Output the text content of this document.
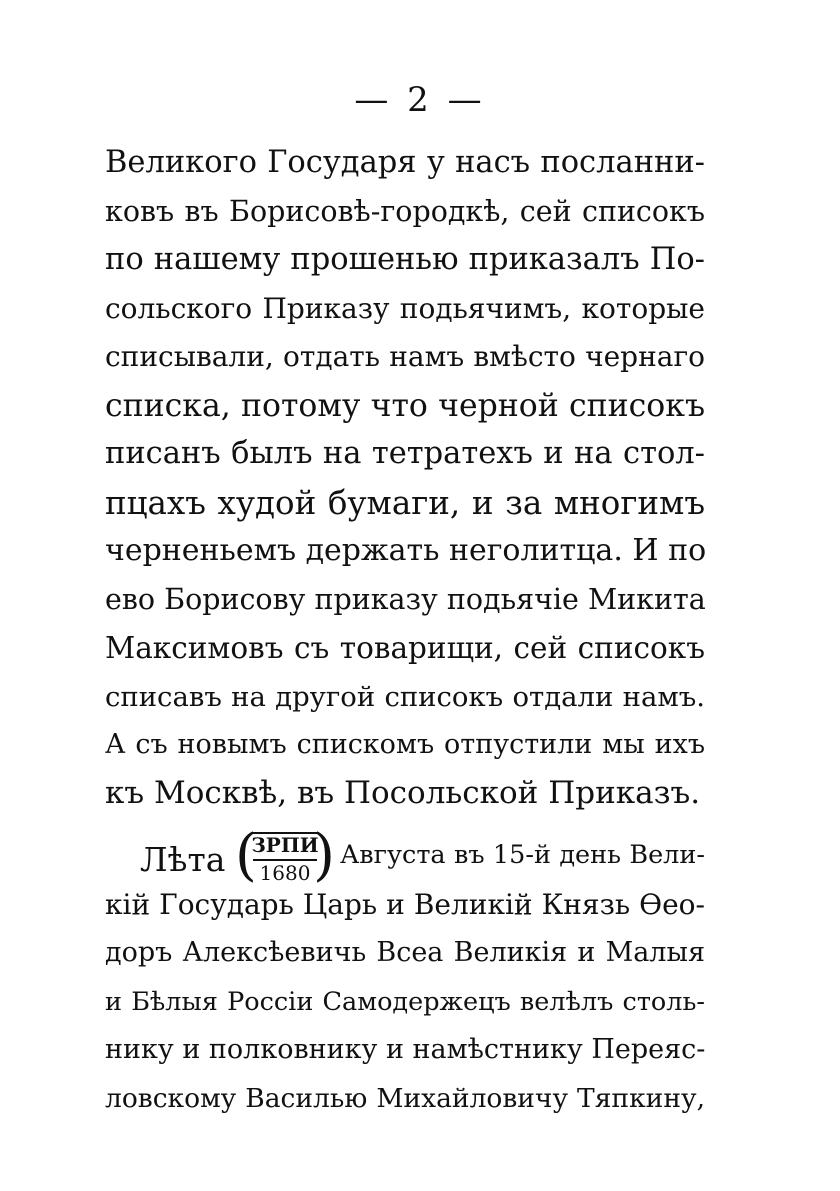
— 2 —
Великого Государя у насъ посланни-
ковъ въ Борисовѣ-городкѣ, сей списокъ
по нашему прошенью приказалъ По-
сольского Приказу подьячимъ, которые
списывали, отдать намъ вмѣсто чернаго
списка, потому что черной списокъ
писанъ былъ на тетратехъ и на стол-
пцахъ худой бумаги, и за многимъ
черненьемъ держать неголитца. И по
ево Борисову приказу подьячіе Микита
Максимовъ съ товарищи, сей списокъ
списавъ на другой списокъ отдали намъ.
А съ новымъ спискомъ отпустили мы ихъ
къ Москвѣ, въ Посольской Приказъ.
Лѣта (
ЗРПИ
1680 ) Августа въ 15-й день Вели-
кій Государь Царь и Великій Князь Ѳео-
доръ Алексѣевичь Всеа Великія и Малыя
и Бѣлыя Россіи Самодержецъ велѣлъ столь-
нику и полковнику и намѣстнику Переяс-
ловскому Василью Михайловичу Тяпкину,
